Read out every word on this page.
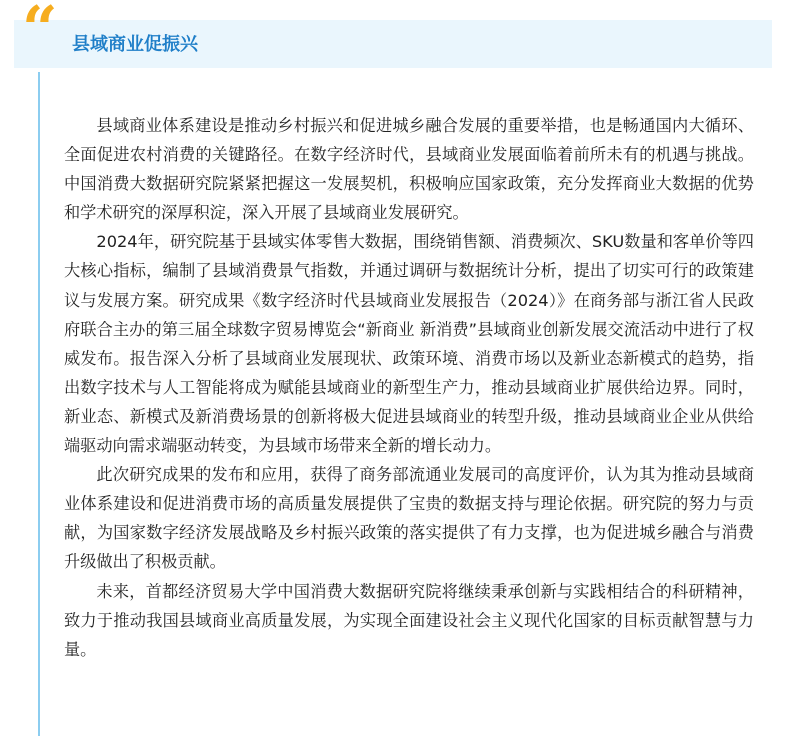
“ 县域商业促振兴

县域商业体系建设是推动乡村振兴和促进城乡融合发展的重要举措，也是畅通国内大循环、全面促进农村消费的关键路径。在数字经济时代，县域商业发展面临着前所未有的机遇与挑战。中国消费大数据研究院紧紧把握这一发展契机，积极响应国家政策，充分发挥商业大数据的优势和学术研究的深厚积淀，深入开展了县域商业发展研究。

2024年，研究院基于县域实体零售大数据，围绕销售额、消费频次、SKU数量和客单价等四大核心指标，编制了县域消费景气指数，并通过调研与数据统计分析，提出了切实可行的政策建议与发展方案。研究成果《数字经济时代县域商业发展报告（2024）》在商务部与浙江省人民政府联合主办的第三届全球数字贸易博览会“新商业 新消费”县域商业创新发展交流活动中进行了权威发布。报告深入分析了县域商业发展现状、政策环境、消费市场以及新业态新模式的趋势，指出数字技术与人工智能将成为赋能县域商业的新型生产力，推动县域商业扩展供给边界。同时，新业态、新模式及新消费场景的创新将极大促进县域商业的转型升级，推动县域商业企业从供给端驱动向需求端驱动转变，为县域市场带来全新的增长动力。

此次研究成果的发布和应用，获得了商务部流通业发展司的高度评价，认为其为推动县域商业体系建设和促进消费市场的高质量发展提供了宝贵的数据支持与理论依据。研究院的努力与贡献，为国家数字经济发展战略及乡村振兴政策的落实提供了有力支撑，也为促进城乡融合与消费升级做出了积极贡献。

未来，首都经济贸易大学中国消费大数据研究院将继续秉承创新与实践相结合的科研精神，致力于推动我国县域商业高质量发展，为实现全面建设社会主义现代化国家的目标贡献智慧与力量。
